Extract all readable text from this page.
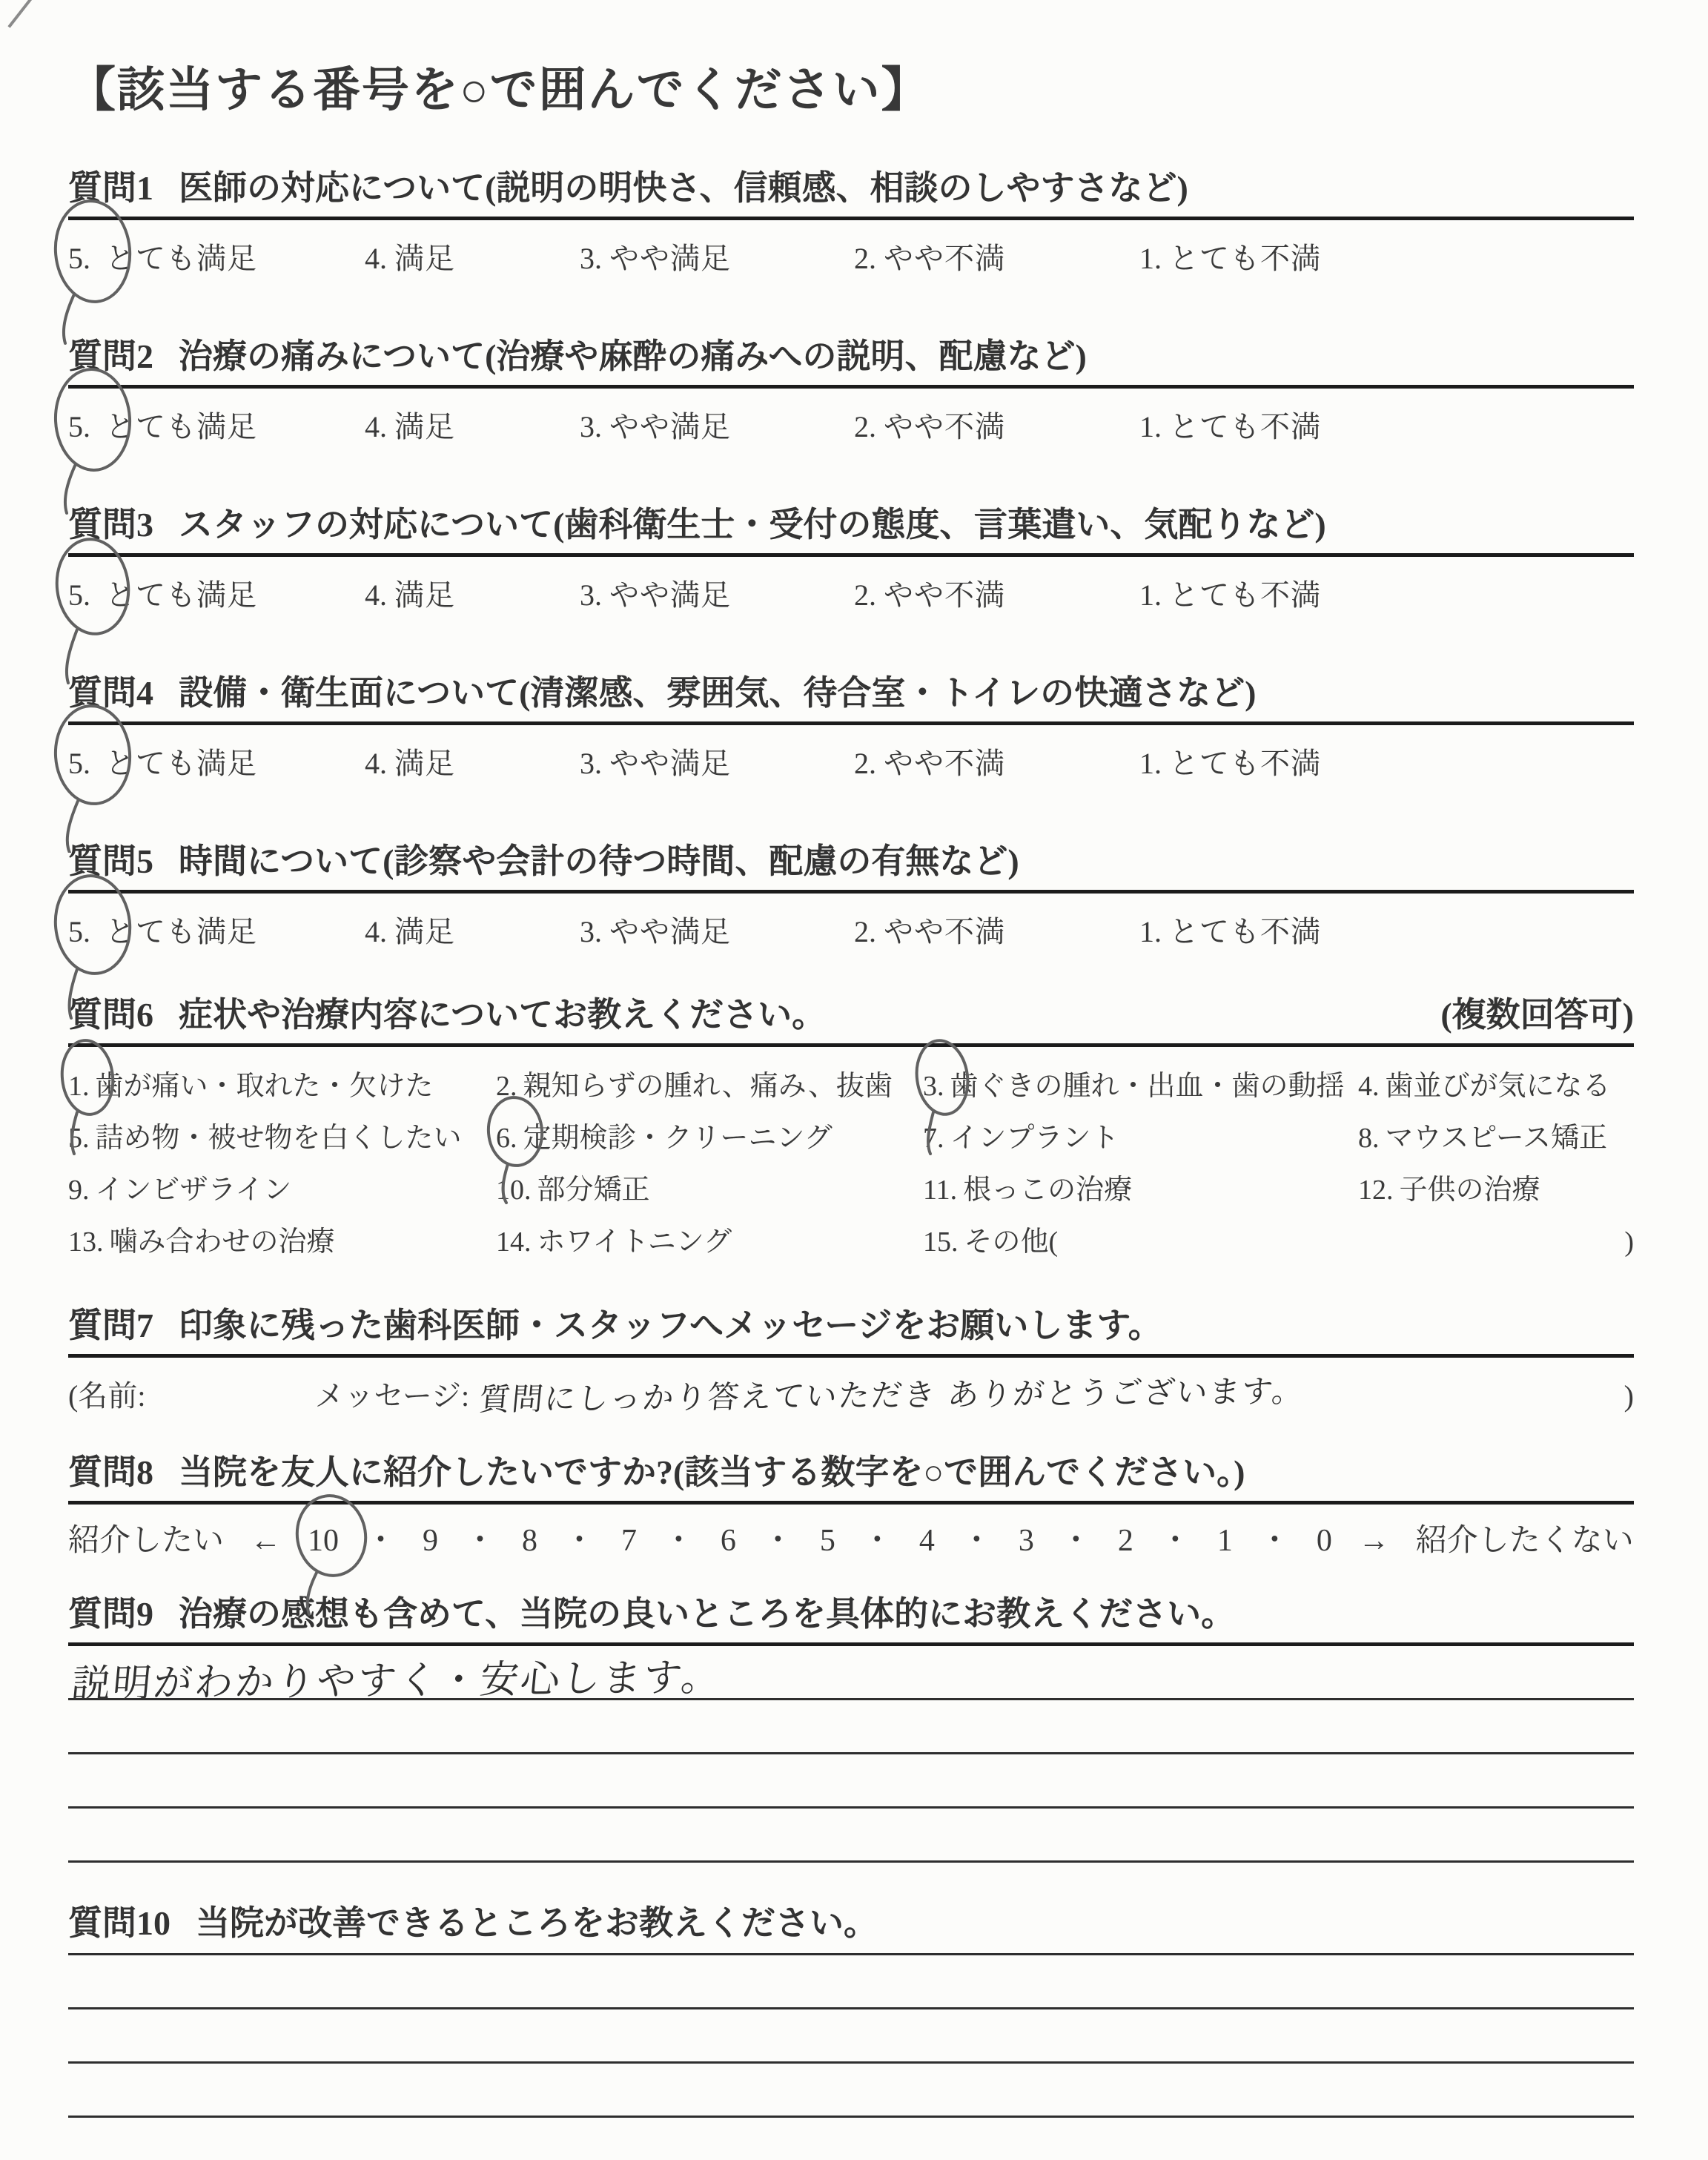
【該当する番号を○で囲んでください】
質問1 医師の対応について(説明の明快さ、信頼感、相談のしやすさなど)
5. とても満足	4. 満足	3. やや満足	2. やや不満	1. とても不満
質問2 治療の痛みについて(治療や麻酔の痛みへの説明、配慮など)
5. とても満足	4. 満足	3. やや満足	2. やや不満	1. とても不満
質問3 スタッフの対応について(歯科衛生士・受付の態度、言葉遣い、気配りなど)
5. とても満足	4. 満足	3. やや満足	2. やや不満	1. とても不満
質問4 設備・衛生面について(清潔感、雰囲気、待合室・トイレの快適さなど)
5. とても満足	4. 満足	3. やや満足	2. やや不満	1. とても不満
質問5 時間について(診察や会計の待つ時間、配慮の有無など)
5. とても満足	4. 満足	3. やや満足	2. やや不満	1. とても不満
質問6 症状や治療内容についてお教えください。	(複数回答可)
1. 歯が痛い・取れた・欠けた	2. 親知らずの腫れ、痛み、抜歯	3. 歯ぐきの腫れ・出血・歯の動揺 4. 歯並びが気になる
5. 詰め物・被せ物を白くしたい	6. 定期検診・クリーニング	7. インプラント	8. マウスピース矯正
9. インビザライン	10. 部分矯正	11. 根っこの治療	12. 子供の治療
13. 噛み合わせの治療	14. ホワイトニング	15. その他(	)
質問7 印象に残った歯科医師・スタッフへメッセージをお願いします。
(名前:	メッセージ: 質問にしっかり答えていただき ありがとうございます。	)
質問8 当院を友人に紹介したいですか?(該当する数字を○で囲んでください。)
紹介したい ← 10 ・ 9 ・ 8 ・ 7 ・ 6 ・ 5 ・ 4 ・ 3 ・ 2 ・ 1 ・ 0 → 紹介したくない
質問9 治療の感想も含めて、当院の良いところを具体的にお教えください。
説明がわかりやすく・安心します。
質問10 当院が改善できるところをお教えください。
